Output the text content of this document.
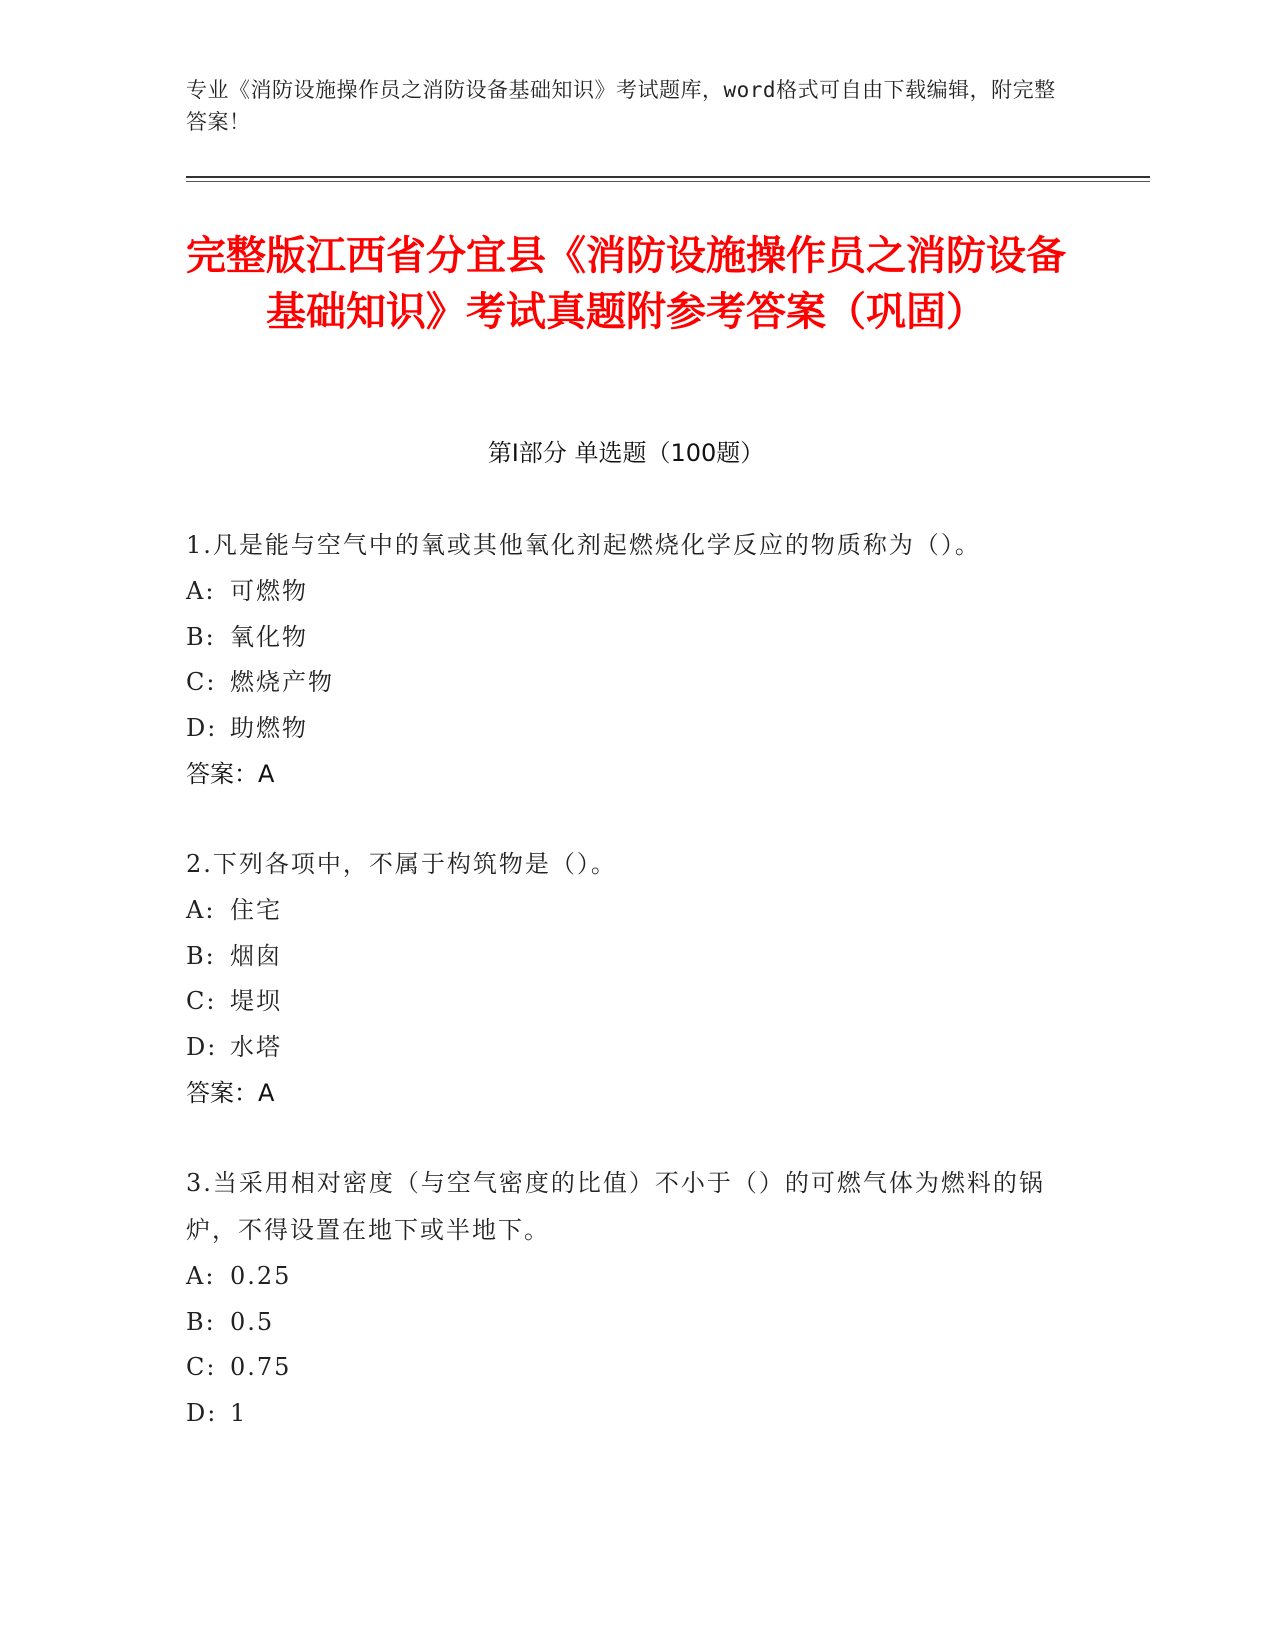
专业《消防设施操作员之消防设备基础知识》考试题库，word格式可自由下载编辑，附完整答案！
完整版江西省分宜县《消防设施操作员之消防设备基础知识》考试真题附参考答案（巩固）
第I部分 单选题（100题）

1.凡是能与空气中的氧或其他氧化剂起燃烧化学反应的物质称为（）。

A: 可燃物

B: 氧化物

C: 燃烧产物

D: 助燃物

答案：A

2.下列各项中，不属于构筑物是（）。

A: 住宅

B: 烟囱

C: 堤坝

D: 水塔

答案：A

3.当采用相对密度（与空气密度的比值）不小于（）的可燃气体为燃料的锅炉，不得设置在地下或半地下。

A: 0.25

B: 0.5

C: 0.75

D: 1
